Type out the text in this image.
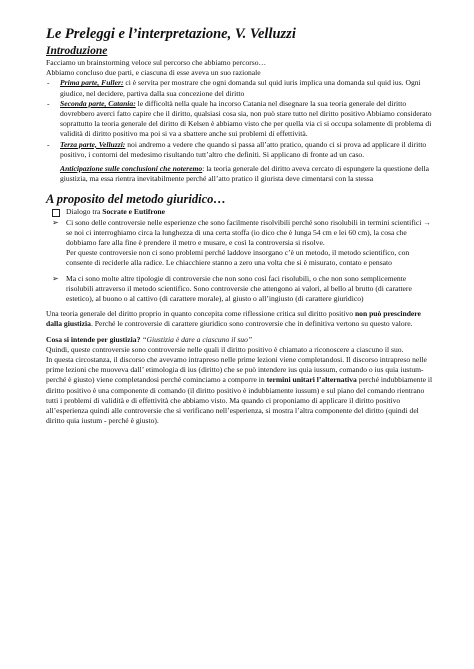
Le Preleggi e l’interpretazione, V. Velluzzi
Introduzione

Facciamo un brainstorming veloce sul percorso che abbiamo percorso…

Abbiamo concluso due parti, e ciascuna di esse aveva un suo razionale

- Prima parte, Fuller: ci è servita per mostrare che ogni domanda sul quid iuris implica una domanda sul quid ius. Ogni giudice, nel decidere, partiva dalla sua concezione del diritto
- Seconda parte, Catania: le difficoltà nella quale ha incorso Catania nel disegnare la sua teoria generale del diritto dovrebbero averci fatto capire che il diritto, qualsiasi cosa sia, non può stare tutto nel diritto positivo Abbiamo considerato soprattutto la teoria generale del diritto di Kelsen è abbiamo visto che per quella via ci si occupa solamente di problema di validità di diritto positivo ma poi si va a sbattere anche sui problemi di effettività.
- Terza parte, Velluzzi: noi andremo a vedere che quando si passa all’atto pratico, quando ci si prova ad applicare il diritto positivo, i contorni del medesimo risultando tutt’altro che definiti. Si applicano di fronte ad un caso.
Anticipazione sulle conclusioni che noteremo: la teoria generale del diritto aveva cercato di espungere la questione della giustizia, ma essa rientra inevitabilmente perché all’atto pratico il giurista deve cimentarsi con la stessa
A proposito del metodo giuridico…
Dialogo tra Socrate e Eutifrone
➢ Ci sono delle controversie nelle esperienze che sono facilmente risolvibili perché sono risolubili in termini scientifici → se noi ci interroghiamo circa la lunghezza di una certa stoffa (io dico che è lunga 54 cm e lei 60 cm), la cosa che dobbiamo fare alla fine è prendere il metro e musare, e così la controversia si risolve.

Per queste controversie non ci sono problemi perché laddove insorgano c’è un metodo, il metodo scientifico, con consente di reciderle alla radice. Le chiacchiere stanno a zero una volta che si è misurato, contato e pensato

➢ Ma ci sono molte altre tipologie di controversie che non sono così faci risolubili, o che non sono semplicemente risolubili attraverso il metodo scientifico. Sono controversie che attengono ai valori, al bello al brutto (di carattere estetico), al buono o al cattivo (di carattere morale), al giusto o all’ingiusto (di carattere giuridico)

Una teoria generale del diritto proprio in quanto concepita come riflessione critica sul diritto positivo non può prescindere dalla giustizia. Perché le controversie di carattere giuridico sono controversie che in definitiva vertono su questo valore.

Cosa si intende per giustizia? “Giustizia è dare a ciascuno il suo”

Quindi, queste controversie sono controversie nelle quali il diritto positivo è chiamato a riconoscere a ciascuno il suo.

In questa circostanza, il discorso che avevamo intrapreso nelle prime lezioni viene completandosi. Il discorso intrapreso nelle prime lezioni che muoveva dall’ etimologia di ius (diritto) che se può intendere ius quia iussum, comando o ius quia iustum- perché è giusto) viene completandosi perché cominciamo a comporre in termini unitari l’alternativa perché indubbiamente il diritto positivo è una componente di comando (il diritto positivo è indubbiamente iussum) e sul piano del comando rientrano tutti i problemi di validità e di effettività che abbiamo visto. Ma quando ci proponiamo di applicare il diritto positivo all’esperienza quindi alle controversie che si verificano nell’esperienza, si mostra l’altra componente del diritto (quindi del diritto quia iustum - perché è giusto).
